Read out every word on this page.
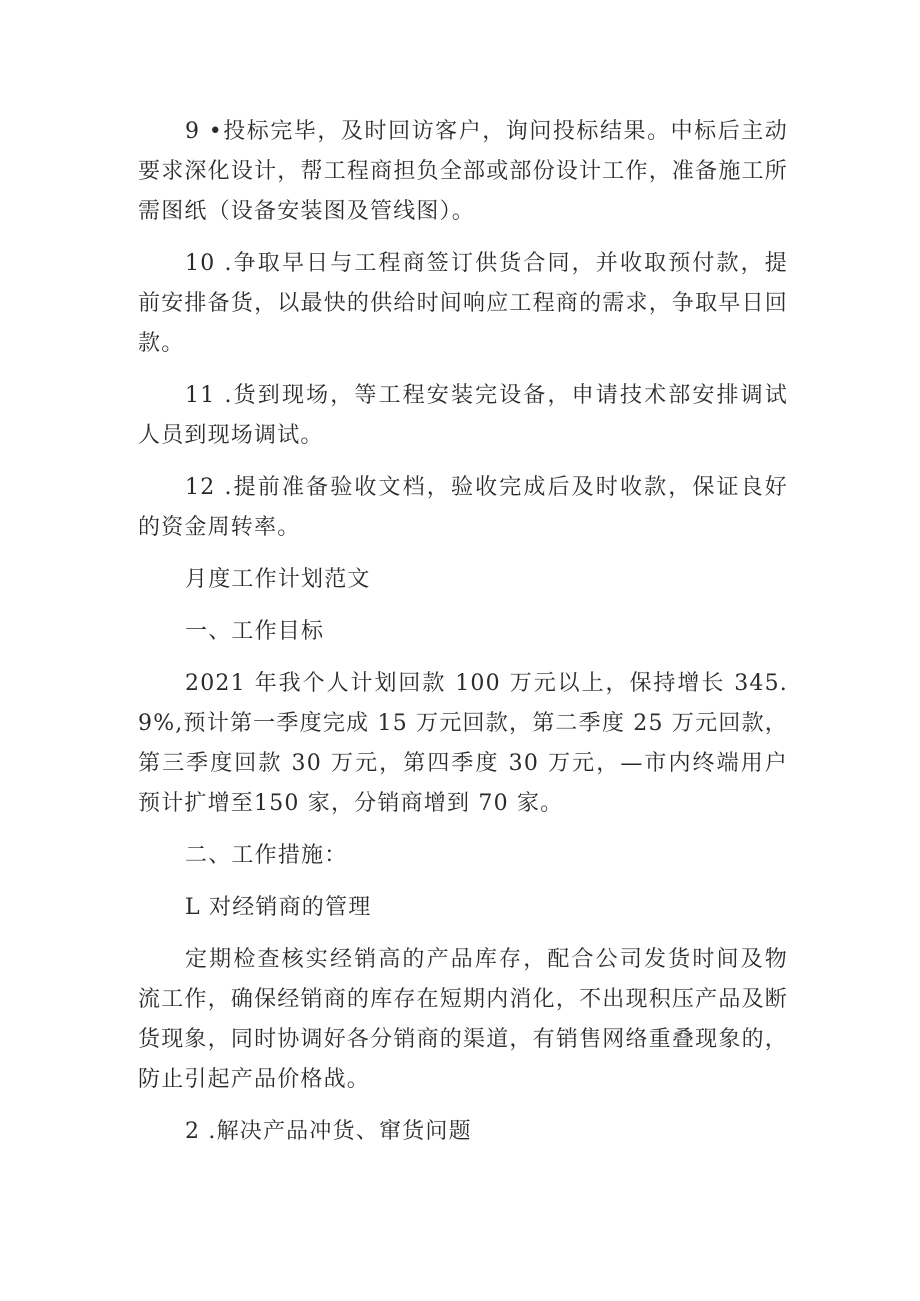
9 •投标完毕，及时回访客户，询问投标结果。中标后主动要求深化设计，帮工程商担负全部或部份设计工作，准备施工所需图纸（设备安装图及管线图）。

10 .争取早日与工程商签订供货合同，并收取预付款，提前安排备货，以最快的供给时间响应工程商的需求，争取早日回款。

11 .货到现场，等工程安装完设备，申请技术部安排调试人员到现场调试。

12 .提前准备验收文档，验收完成后及时收款，保证良好的资金周转率。

月度工作计划范文

一、工作目标

2021 年我个人计划回款 100 万元以上，保持增长 345.9%,预计第一季度完成 15 万元回款，第二季度 25 万元回款，第三季度回款 30 万元，第四季度 30 万元，—市内终端用户预计扩增至150 家，分销商增到 70 家。

二、工作措施：

L 对经销商的管理

定期检查核实经销高的产品库存，配合公司发货时间及物流工作，确保经销商的库存在短期内消化，不出现积压产品及断货现象，同时协调好各分销商的渠道，有销售网络重叠现象的，防止引起产品价格战。

2 .解决产品冲货、窜货问题
